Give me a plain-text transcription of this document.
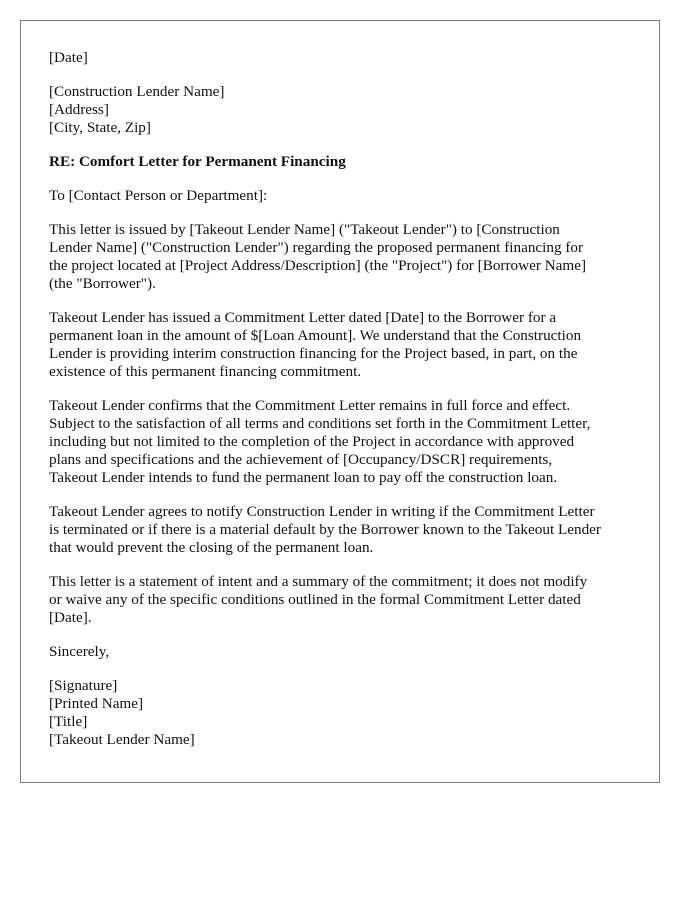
[Date]
[Construction Lender Name]
[Address]
[City, State, Zip]
RE: Comfort Letter for Permanent Financing
To [Contact Person or Department]:
This letter is issued by [Takeout Lender Name] ("Takeout Lender") to [Construction
Lender Name] ("Construction Lender") regarding the proposed permanent financing for
the project located at [Project Address/Description] (the "Project") for [Borrower Name]
(the "Borrower").
Takeout Lender has issued a Commitment Letter dated [Date] to the Borrower for a
permanent loan in the amount of $[Loan Amount]. We understand that the Construction
Lender is providing interim construction financing for the Project based, in part, on the
existence of this permanent financing commitment.
Takeout Lender confirms that the Commitment Letter remains in full force and effect.
Subject to the satisfaction of all terms and conditions set forth in the Commitment Letter,
including but not limited to the completion of the Project in accordance with approved
plans and specifications and the achievement of [Occupancy/DSCR] requirements,
Takeout Lender intends to fund the permanent loan to pay off the construction loan.
Takeout Lender agrees to notify Construction Lender in writing if the Commitment Letter
is terminated or if there is a material default by the Borrower known to the Takeout Lender
that would prevent the closing of the permanent loan.
This letter is a statement of intent and a summary of the commitment; it does not modify
or waive any of the specific conditions outlined in the formal Commitment Letter dated
[Date].
Sincerely,
[Signature]
[Printed Name]
[Title]
[Takeout Lender Name]
